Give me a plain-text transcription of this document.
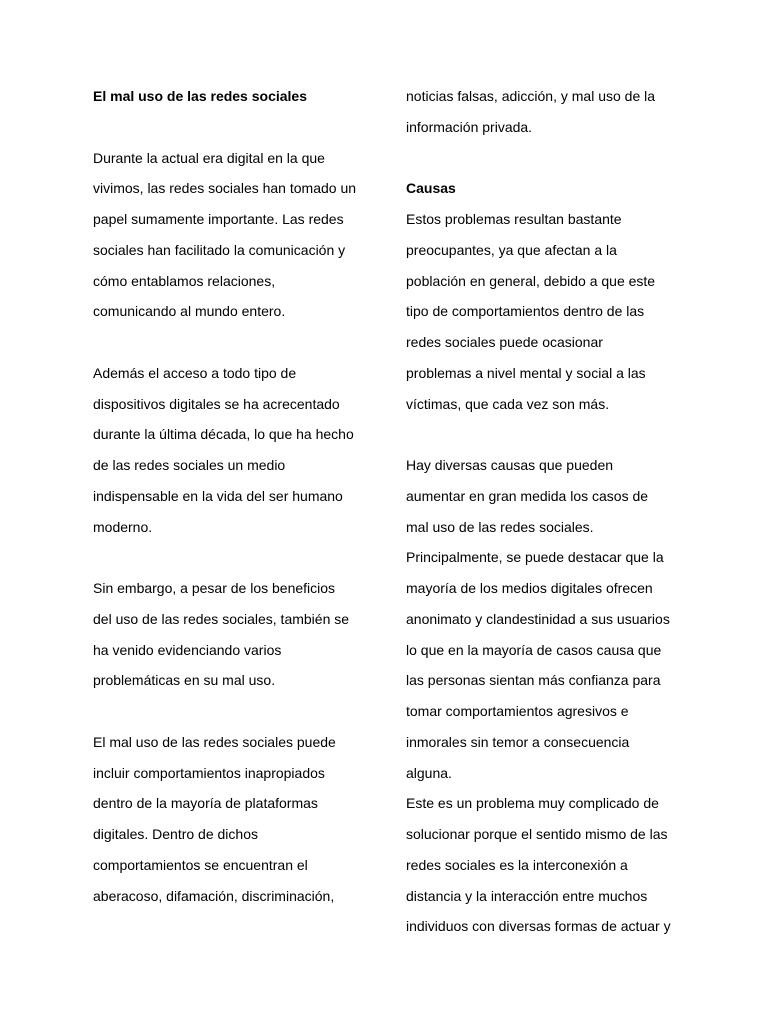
El mal uso de las redes sociales
Durante la actual era digital en la que
vivimos, las redes sociales han tomado un
papel sumamente importante. Las redes
sociales han facilitado la comunicación y
cómo entablamos relaciones,
comunicando al mundo entero.
Además el acceso a todo tipo de
dispositivos digitales se ha acrecentado
durante la última década, lo que ha hecho
de las redes sociales un medio
indispensable en la vida del ser humano
moderno.
Sin embargo, a pesar de los beneficios
del uso de las redes sociales, también se
ha venido evidenciando varios
problemáticas en su mal uso.
El mal uso de las redes sociales puede
incluir comportamientos inapropiados
dentro de la mayoría de plataformas
digitales. Dentro de dichos
comportamientos se encuentran el
aberacoso, difamación, discriminación,
noticias falsas, adicción, y mal uso de la
información privada.
Causas
Estos problemas resultan bastante
preocupantes, ya que afectan a la
población en general, debido a que este
tipo de comportamientos dentro de las
redes sociales puede ocasionar
problemas a nivel mental y social a las
víctimas, que cada vez son más.
Hay diversas causas que pueden
aumentar en gran medida los casos de
mal uso de las redes sociales.
Principalmente, se puede destacar que la
mayoría de los medios digitales ofrecen
anonimato y clandestinidad a sus usuarios
lo que en la mayoría de casos causa que
las personas sientan más confianza para
tomar comportamientos agresivos e
inmorales sin temor a consecuencia
alguna.
Este es un problema muy complicado de
solucionar porque el sentido mismo de las
redes sociales es la interconexión a
distancia y la interacción entre muchos
individuos con diversas formas de actuar y
